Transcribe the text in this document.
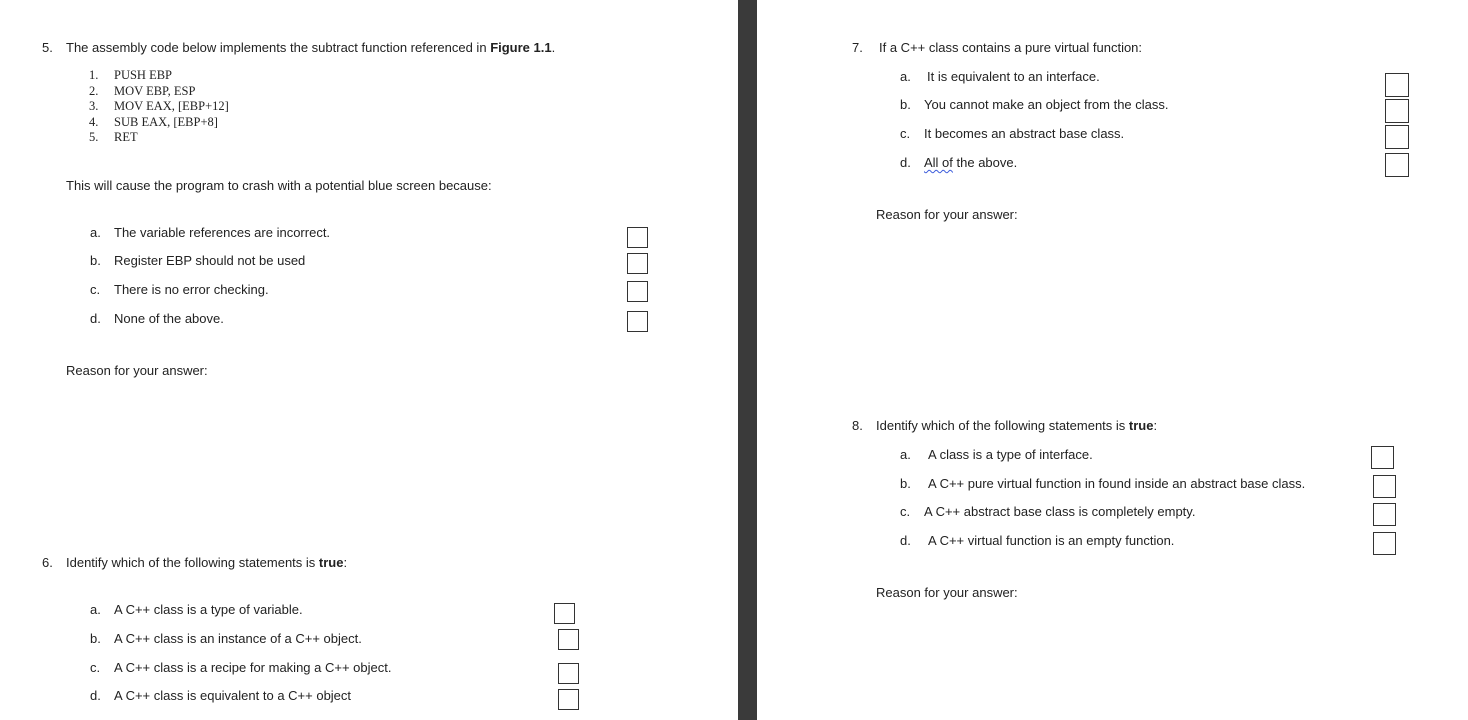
5. The assembly code below implements the subtract function referenced in Figure 1.1.
1. PUSH EBP
2. MOV EBP, ESP
3. MOV EAX, [EBP+12]
4. SUB EAX, [EBP+8]
5. RET
This will cause the program to crash with a potential blue screen because:
a. The variable references are incorrect.
b. Register EBP should not be used
c. There is no error checking.
d. None of the above.
Reason for your answer:
6. Identify which of the following statements is true:
a. A C++ class is a type of variable.
b. A C++ class is an instance of a C++ object.
c. A C++ class is a recipe for making a C++ object.
d. A C++ class is equivalent to a C++ object
7. If a C++ class contains a pure virtual function:
a. It is equivalent to an interface.
b. You cannot make an object from the class.
c. It becomes an abstract base class.
d. All of the above.
Reason for your answer:
8. Identify which of the following statements is true:
a. A class is a type of interface.
b. A C++ pure virtual function in found inside an abstract base class.
c. A C++ abstract base class is completely empty.
d. A C++ virtual function is an empty function.
Reason for your answer:
